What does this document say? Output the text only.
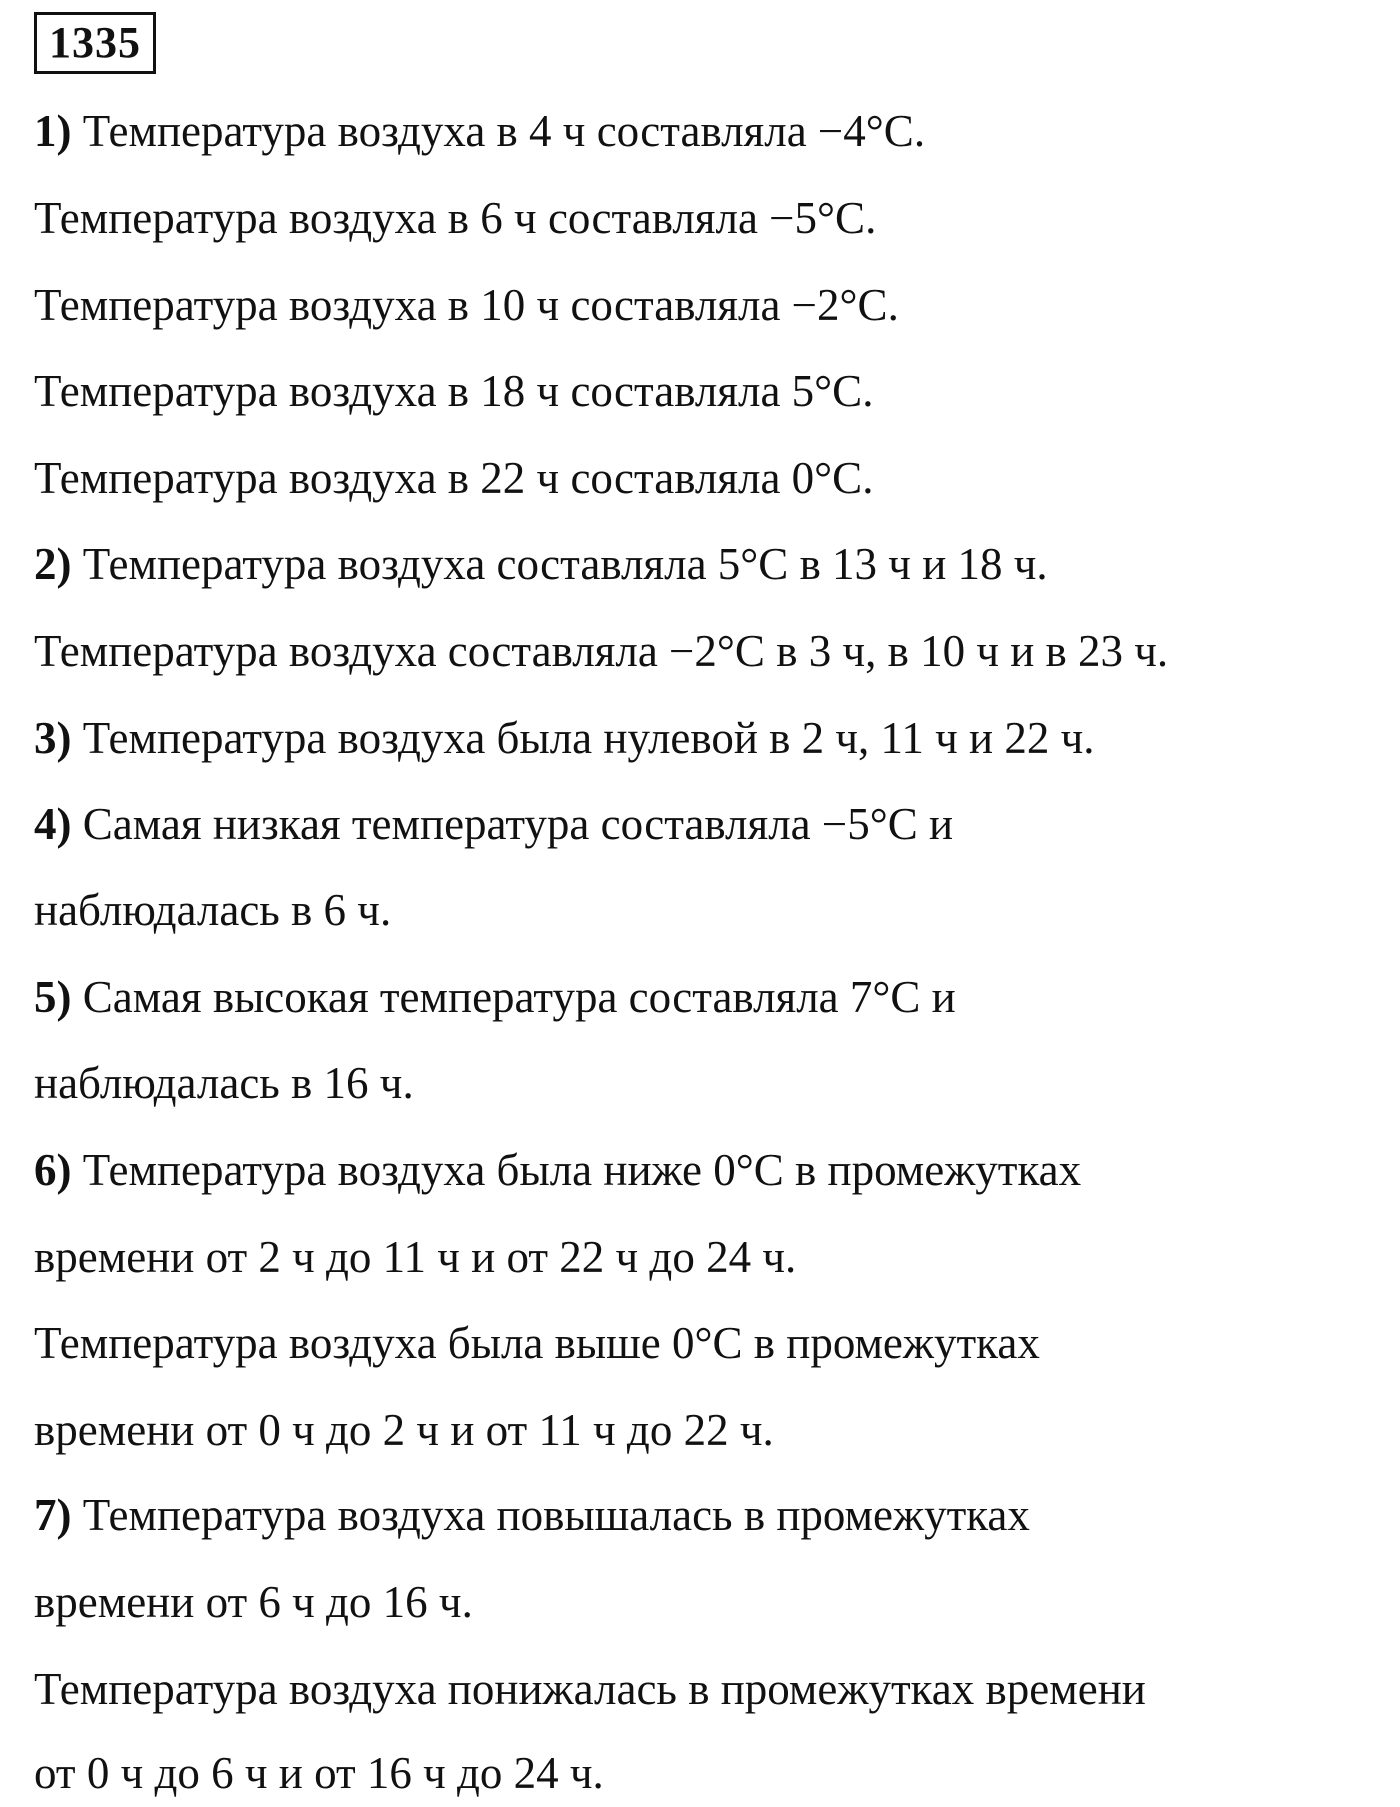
1335
1) Температура воздуха в 4 ч составляла −4°С.
Температура воздуха в 6 ч составляла −5°С.
Температура воздуха в 10 ч составляла −2°С.
Температура воздуха в 18 ч составляла 5°С.
Температура воздуха в 22 ч составляла 0°С.
2) Температура воздуха составляла 5°С в 13 ч и 18 ч.
Температура воздуха составляла −2°С в 3 ч, в 10 ч и в 23 ч.
3) Температура воздуха была нулевой в 2 ч, 11 ч и 22 ч.
4) Самая низкая температура составляла −5°С и
наблюдалась в 6 ч.
5) Самая высокая температура составляла 7°С и
наблюдалась в 16 ч.
6) Температура воздуха была ниже 0°С в промежутках
времени от 2 ч до 11 ч и от 22 ч до 24 ч.
Температура воздуха была выше 0°С в промежутках
времени от 0 ч до 2 ч и от 11 ч до 22 ч.
7) Температура воздуха повышалась в промежутках
времени от 6 ч до 16 ч.
Температура воздуха понижалась в промежутках времени
от 0 ч до 6 ч и от 16 ч до 24 ч.
